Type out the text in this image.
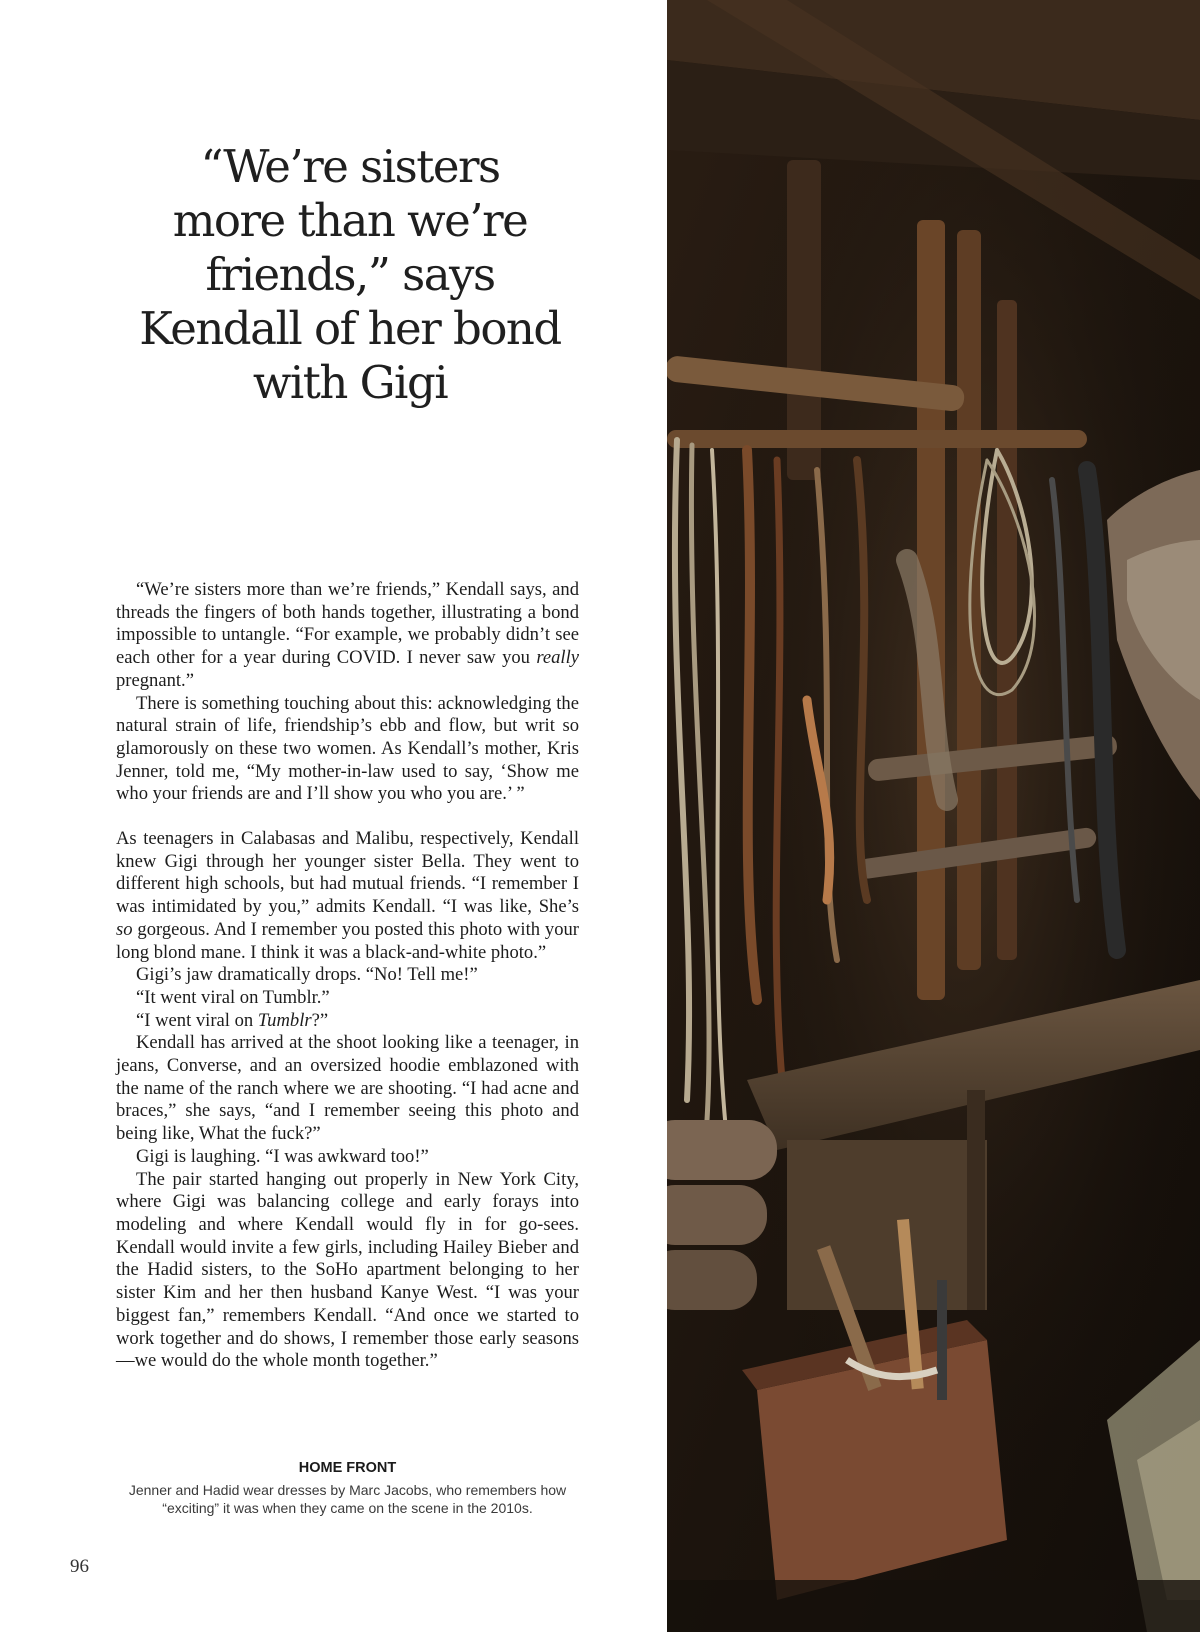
“We’re sisters
more than we’re
friends,” says
Kendall of her bond
with Gigi

“We’re sisters more than we’re friends,” Kendall says, and threads the fingers of both hands together, illustrating a bond impossible to untangle. “For example, we probably didn’t see each other for a year during COVID. I never saw you really pregnant.”

There is something touching about this: acknowledging the natural strain of life, friendship’s ebb and flow, but writ so glamorously on these two women. As Kendall’s mother, Kris Jenner, told me, “My mother-in-law used to say, ‘Show me who your friends are and I’ll show you who you are.’ ”

As teenagers in Calabasas and Malibu, respectively, Kendall knew Gigi through her younger sister Bella. They went to different high schools, but had mutual friends. “I remember I was intimidated by you,” admits Kendall. “I was like, She’s so gorgeous. And I remember you posted this photo with your long blond mane. I think it was a black-and-white photo.”

Gigi’s jaw dramatically drops. “No! Tell me!”

“It went viral on Tumblr.”

“I went viral on Tumblr?”

Kendall has arrived at the shoot looking like a teenager, in jeans, Converse, and an oversized hoodie emblazoned with the name of the ranch where we are shooting. “I had acne and braces,” she says, “and I remember seeing this photo and being like, What the fuck?”

Gigi is laughing. “I was awkward too!”

The pair started hanging out properly in New York City, where Gigi was balancing college and early forays into modeling and where Kendall would fly in for go-sees. Kendall would invite a few girls, including Hailey Bieber and the Hadid sisters, to the SoHo apartment belonging to her sister Kim and her then husband Kanye West. “I was your biggest fan,” remembers Kendall. “And once we started to work together and do shows, I remember those early seasons—we would do the whole month together.”

HOME FRONT
Jenner and Hadid wear dresses by Marc Jacobs, who remembers how “exciting” it was when they came on the scene in the 2010s.
96
